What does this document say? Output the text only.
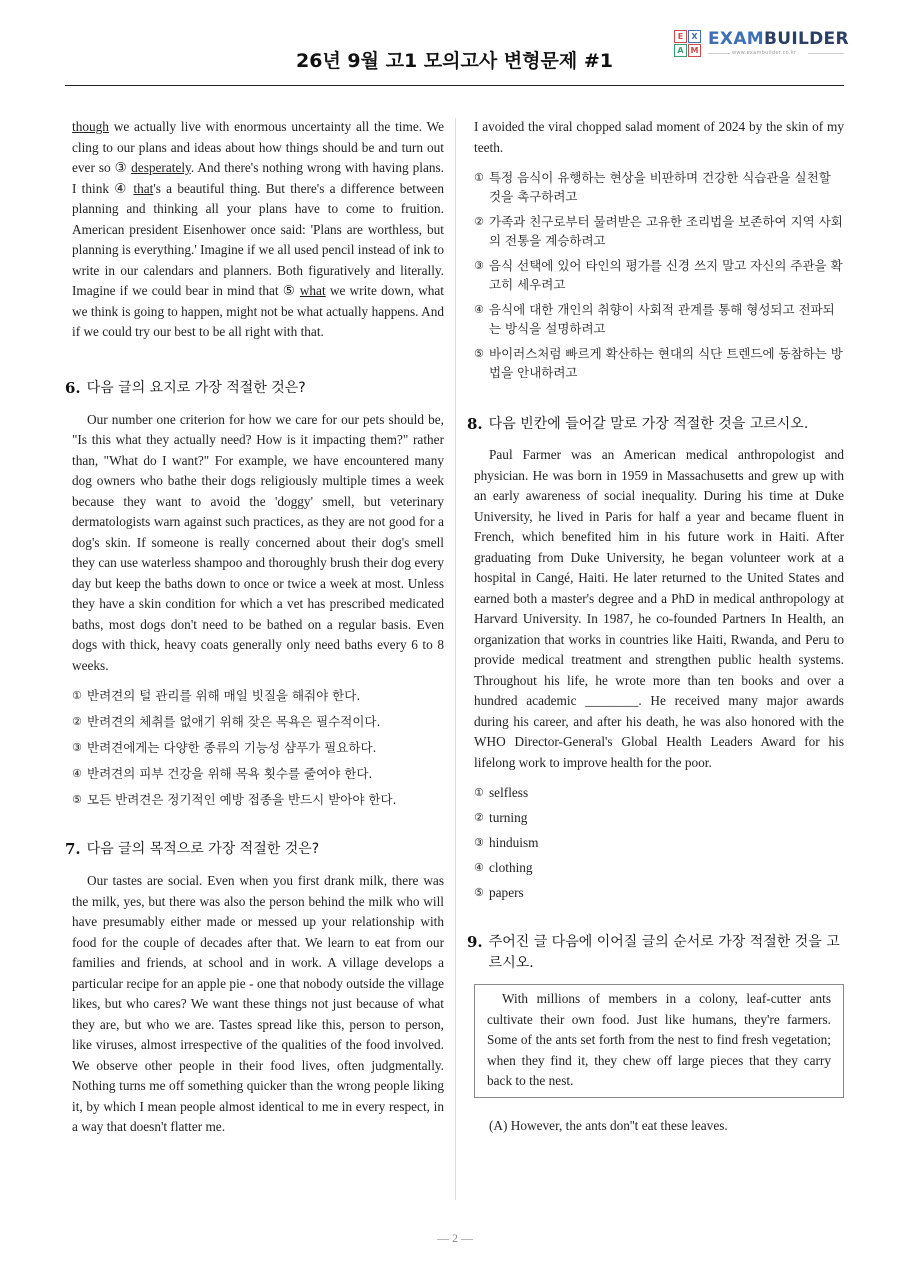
26년 9월 고1 모의고사 변형문제 #1
E	X
A M
EXAMBUILDER
www.exambuilder.co.kr

though we actually live with enormous uncertainty all the time. We cling to our plans and ideas about how things should be and turn out ever so ③ desperately. And there's nothing wrong with having plans. I think ④ that's a beautiful thing. But there's a difference between planning and thinking all your plans have to come to fruition. American president Eisenhower once said: 'Plans are worthless, but planning is everything.' Imagine if we all used pencil instead of ink to write in our calendars and planners. Both figuratively and literally. Imagine if we could bear in mind that ⑤ what we write down, what we think is going to happen, might not be what actually happens. And if we could try our best to be all right with that.

6. 다음 글의 요지로 가장 적절한 것은?

Our number one criterion for how we care for our pets should be, "Is this what they actually need? How is it impacting them?" rather than, "What do I want?" For example, we have encountered many dog owners who bathe their dogs religiously multiple times a week because they want to avoid the 'doggy' smell, but veterinary dermatologists warn against such practices, as they are not good for a dog's skin. If someone is really concerned about their dog's smell they can use waterless shampoo and thoroughly brush their dog every day but keep the baths down to once or twice a week at most. Unless they have a skin condition for which a vet has prescribed medicated baths, most dogs don't need to be bathed on a regular basis. Even dogs with thick, heavy coats generally only need baths every 6 to 8 weeks.

① 반려견의 털 관리를 위해 매일 빗질을 해줘야 한다.
② 반려견의 체취를 없애기 위해 잦은 목욕은 필수적이다.
③ 반려견에게는 다양한 종류의 기능성 샴푸가 필요하다.
④ 반려견의 피부 건강을 위해 목욕 횟수를 줄여야 한다.
⑤ 모든 반려견은 정기적인 예방 접종을 반드시 받아야 한다.
7. 다음 글의 목적으로 가장 적절한 것은?

Our tastes are social. Even when you first drank milk, there was the milk, yes, but there was also the person behind the milk who will have presumably either made or messed up your relationship with food for the couple of decades after that. We learn to eat from our families and friends, at school and in work. A village develops a particular recipe for an apple pie - one that nobody outside the village likes, but who cares? We want these things not just because of what they are, but who we are. Tastes spread like this, person to person, like viruses, almost irrespective of the qualities of the food involved. We observe other people in their food lives, often judgmentally. Nothing turns me off something quicker than the wrong people liking it, by which I mean people almost identical to me in every respect, in a way that doesn't flatter me.

I avoided the viral chopped salad moment of 2024 by the skin of my teeth.

① 특정 음식이 유행하는 현상을 비판하며 건강한 식습관을 실천할 것을 촉구하려고
② 가족과 친구로부터 물려받은 고유한 조리법을 보존하여 지역 사회의 전통을 계승하려고
③ 음식 선택에 있어 타인의 평가를 신경 쓰지 말고 자신의 주관을 확고히 세우려고
④ 음식에 대한 개인의 취향이 사회적 관계를 통해 형성되고 전파되는 방식을 설명하려고
⑤ 바이러스처럼 빠르게 확산하는 현대의 식단 트렌드에 동참하는 방법을 안내하려고
8. 다음 빈칸에 들어갈 말로 가장 적절한 것을 고르시오.

Paul Farmer was an American medical anthropologist and physician. He was born in 1959 in Massachusetts and grew up with an early awareness of social inequality. During his time at Duke University, he lived in Paris for half a year and became fluent in French, which benefited him in his future work in Haiti. After graduating from Duke University, he began volunteer work at a hospital in Cangé, Haiti. He later returned to the United States and earned both a master's degree and a PhD in medical anthropology at Harvard University. In 1987, he co-founded Partners In Health, an organization that works in countries like Haiti, Rwanda, and Peru to provide medical treatment and strengthen public health systems. Throughout his life, he wrote more than ten books and over a hundred academic ________. He received many major awards during his career, and after his death, he was also honored with the WHO Director-General's Global Health Leaders Award for his lifelong work to improve health for the poor.

① selfless
② turning
③ hinduism
④ clothing
⑤ papers
9. 주어진 글 다음에 이어질 글의 순서로 가장 적절한 것을 고르시오.
With millions of members in a colony, leaf-cutter ants cultivate their own food. Just like humans, they're farmers. Some of the ants set forth from the nest to find fresh vegetation; when they find it, they chew off large pieces that they carry back to the nest.

(A) However, the ants don''t eat these leaves.

— 2 —
